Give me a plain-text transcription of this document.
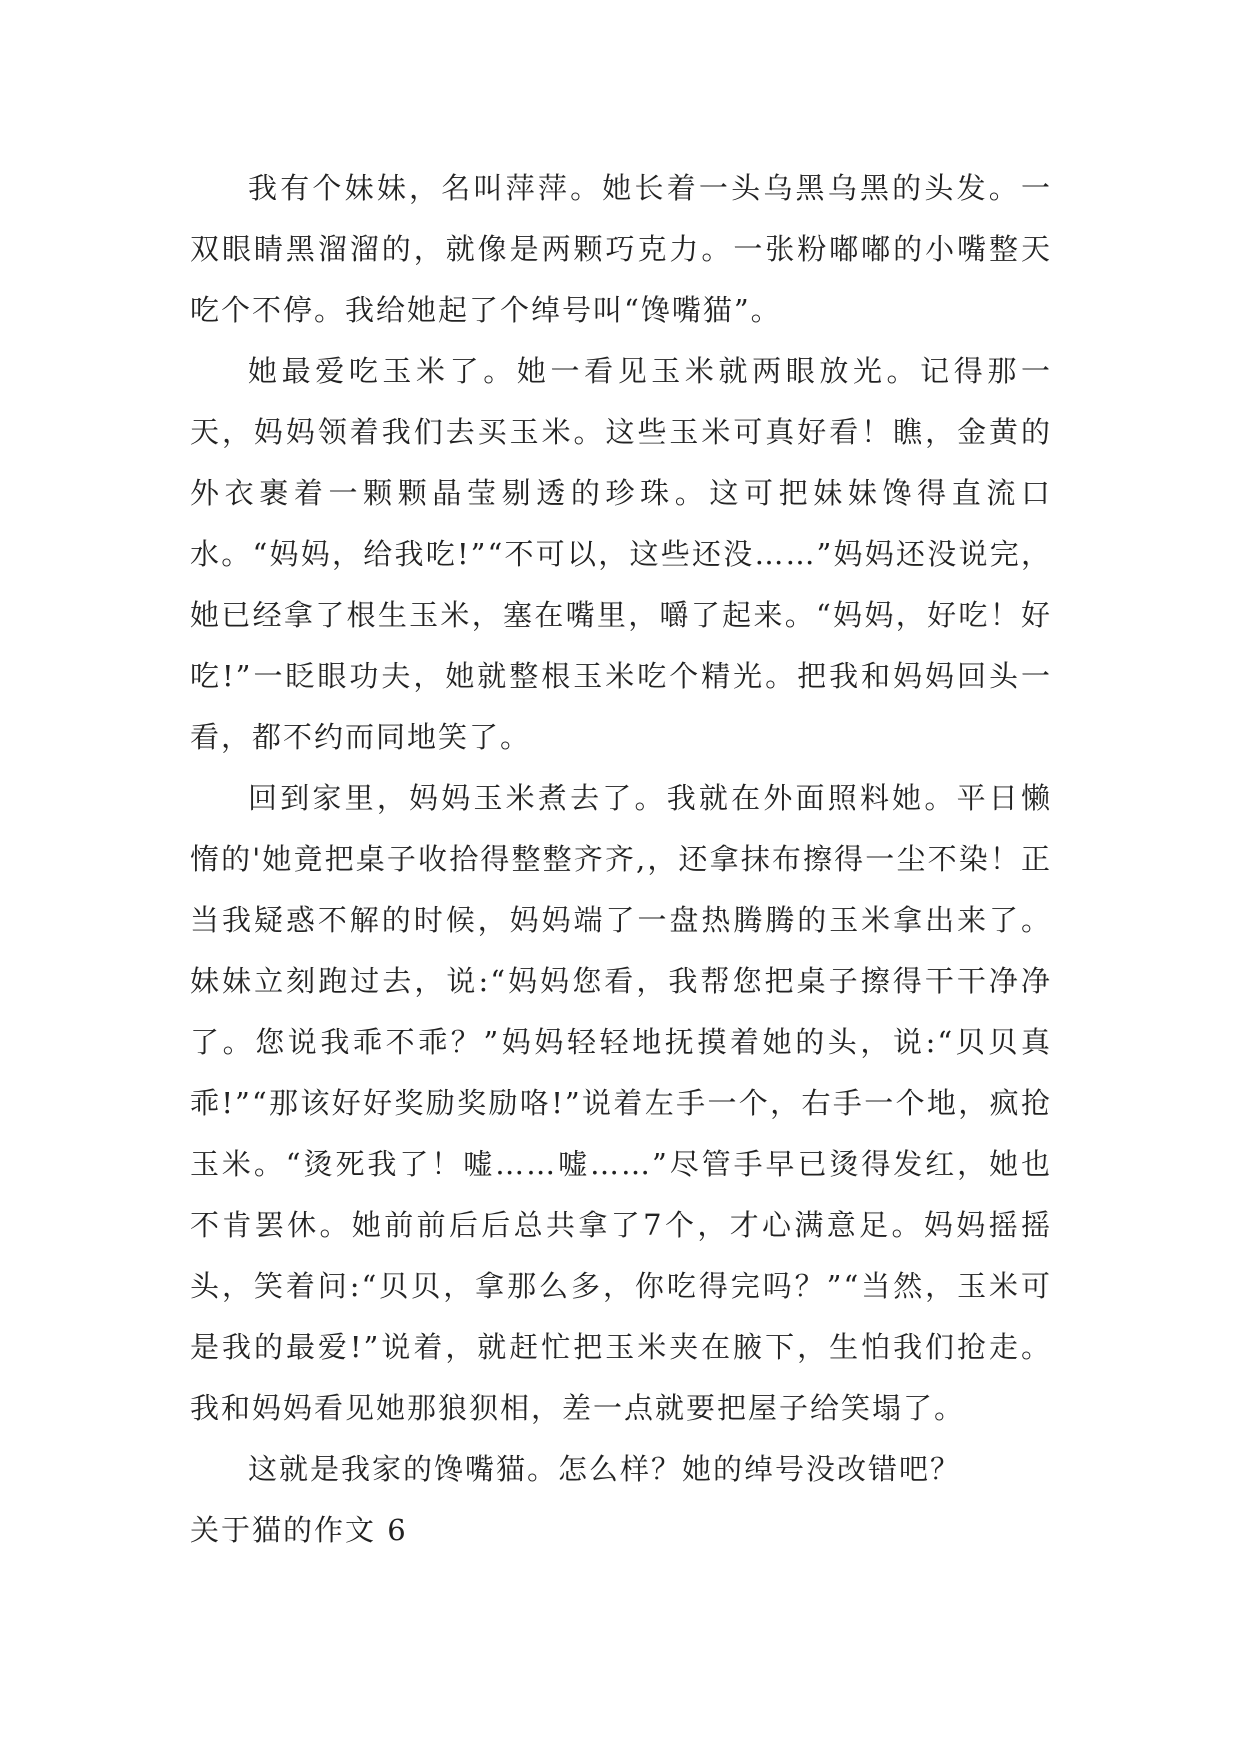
我有个妹妹，名叫萍萍。她长着一头乌黑乌黑的头发。一双眼睛黑溜溜的，就像是两颗巧克力。一张粉嘟嘟的小嘴整天吃个不停。我给她起了个绰号叫“馋嘴猫”。

她最爱吃玉米了。她一看见玉米就两眼放光。记得那一天，妈妈领着我们去买玉米。这些玉米可真好看！瞧，金黄的外衣裹着一颗颗晶莹剔透的珍珠。这可把妹妹馋得直流口水。“妈妈，给我吃!”“不可以，这些还没……”妈妈还没说完，她已经拿了根生玉米，塞在嘴里，嚼了起来。“妈妈，好吃！好吃!”一眨眼功夫，她就整根玉米吃个精光。把我和妈妈回头一看，都不约而同地笑了。

回到家里，妈妈玉米煮去了。我就在外面照料她。平日懒惰的'她竟把桌子收拾得整整齐齐,，还拿抹布擦得一尘不染！正当我疑惑不解的时候，妈妈端了一盘热腾腾的玉米拿出来了。妹妹立刻跑过去，说:“妈妈您看，我帮您把桌子擦得干干净净了。您说我乖不乖？”妈妈轻轻地抚摸着她的头，说:“贝贝真乖!”“那该好好奖励奖励咯!”说着左手一个，右手一个地，疯抢玉米。“烫死我了！嘘……嘘……”尽管手早已烫得发红，她也不肯罢休。她前前后后总共拿了7个，才心满意足。妈妈摇摇头，笑着问:“贝贝，拿那么多，你吃得完吗？”“当然，玉米可是我的最爱!”说着，就赶忙把玉米夹在腋下，生怕我们抢走。我和妈妈看见她那狼狈相，差一点就要把屋子给笑塌了。

这就是我家的馋嘴猫。怎么样？她的绰号没改错吧？

关于猫的作文 6
